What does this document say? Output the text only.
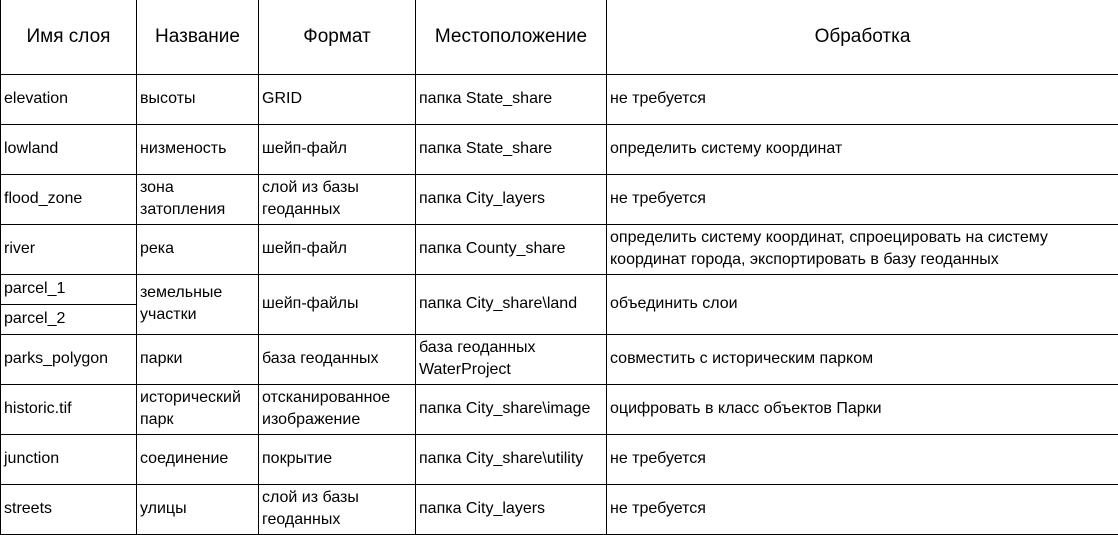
Имя слоя	Название	Формат	Местоположение	Обработка
elevation	высоты	GRID	папка State_share	не требуется
lowland	низменость	шейп-файл	папка State_share	определить систему координат
flood_zone	зона затопления	слой из базы геоданных	папка City_layers	не требуется
river	река	шейп-файл	папка County_share	определить систему координат, спроецировать на систему координат города, экспортировать в базу геоданных
parcel_1	земельные участки	шейп-файлы	папка City_share\land	объединить слои
parcel_2				
parks_polygon	парки	база геоданных	база геоданных WaterProject	совместить с историческим парком
historic.tif	исторический парк	отсканированное изображение	папка City_share\image	оцифровать в класс объектов Парки
junction	соединение	покрытие	папка City_share\utility	не требуется
streets	улицы	слой из базы геоданных	папка City_layers	не требуется
